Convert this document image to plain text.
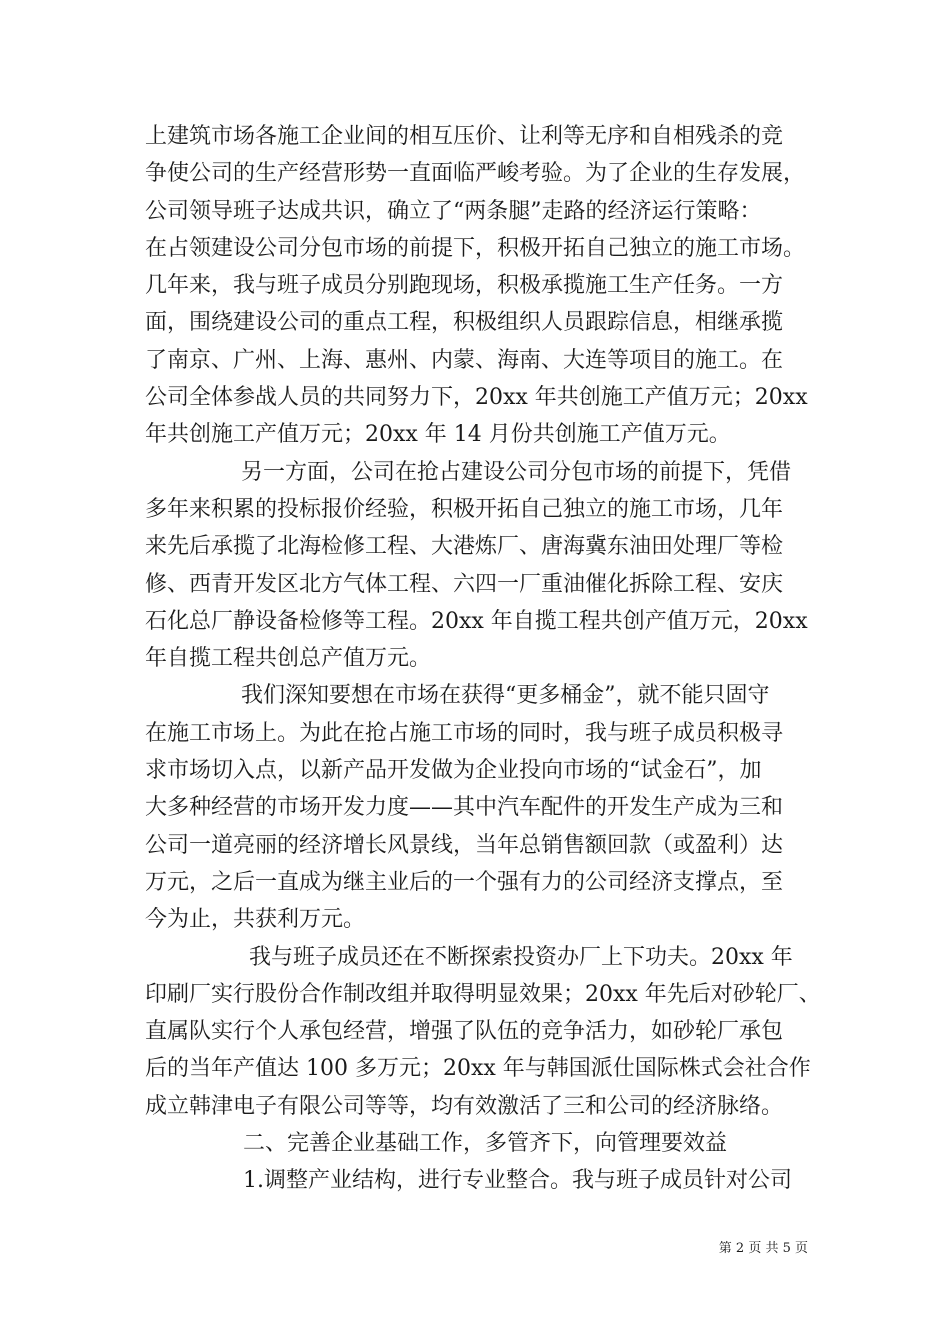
上建筑市场各施工企业间的相互压价、让利等无序和自相残杀的竞
争使公司的生产经营形势一直面临严峻考验。为了企业的生存发展，
公司领导班子达成共识，确立了“两条腿”走路的经济运行策略：
在占领建设公司分包市场的前提下，积极开拓自己独立的施工市场。
几年来，我与班子成员分别跑现场，积极承揽施工生产任务。一方
面，围绕建设公司的重点工程，积极组织人员跟踪信息，相继承揽
了南京、广州、上海、惠州、内蒙、海南、大连等项目的施工。在
公司全体参战人员的共同努力下，20xx 年共创施工产值万元；20xx
年共创施工产值万元；20xx 年 14 月份共创施工产值万元。
另一方面，公司在抢占建设公司分包市场的前提下，凭借
多年来积累的投标报价经验，积极开拓自己独立的施工市场，几年
来先后承揽了北海检修工程、大港炼厂、唐海冀东油田处理厂等检
修、西青开发区北方气体工程、六四一厂重油催化拆除工程、安庆
石化总厂静设备检修等工程。20xx 年自揽工程共创产值万元，20xx
年自揽工程共创总产值万元。
我们深知要想在市场在获得“更多桶金”，就不能只固守
在施工市场上。为此在抢占施工市场的同时，我与班子成员积极寻
求市场切入点，以新产品开发做为企业投向市场的“试金石”，加
大多种经营的市场开发力度——其中汽车配件的开发生产成为三和
公司一道亮丽的经济增长风景线，当年总销售额回款（或盈利）达
万元，之后一直成为继主业后的一个强有力的公司经济支撑点，至
今为止，共获利万元。
我与班子成员还在不断探索投资办厂上下功夫。20xx 年
印刷厂实行股份合作制改组并取得明显效果；20xx 年先后对砂轮厂、
直属队实行个人承包经营，增强了队伍的竞争活力，如砂轮厂承包
后的当年产值达 100 多万元；20xx 年与韩国派仕国际株式会社合作
成立韩津电子有限公司等等，均有效激活了三和公司的经济脉络。
二、完善企业基础工作，多管齐下，向管理要效益
1.调整产业结构，进行专业整合。我与班子成员针对公司
第 2 页 共 5 页
